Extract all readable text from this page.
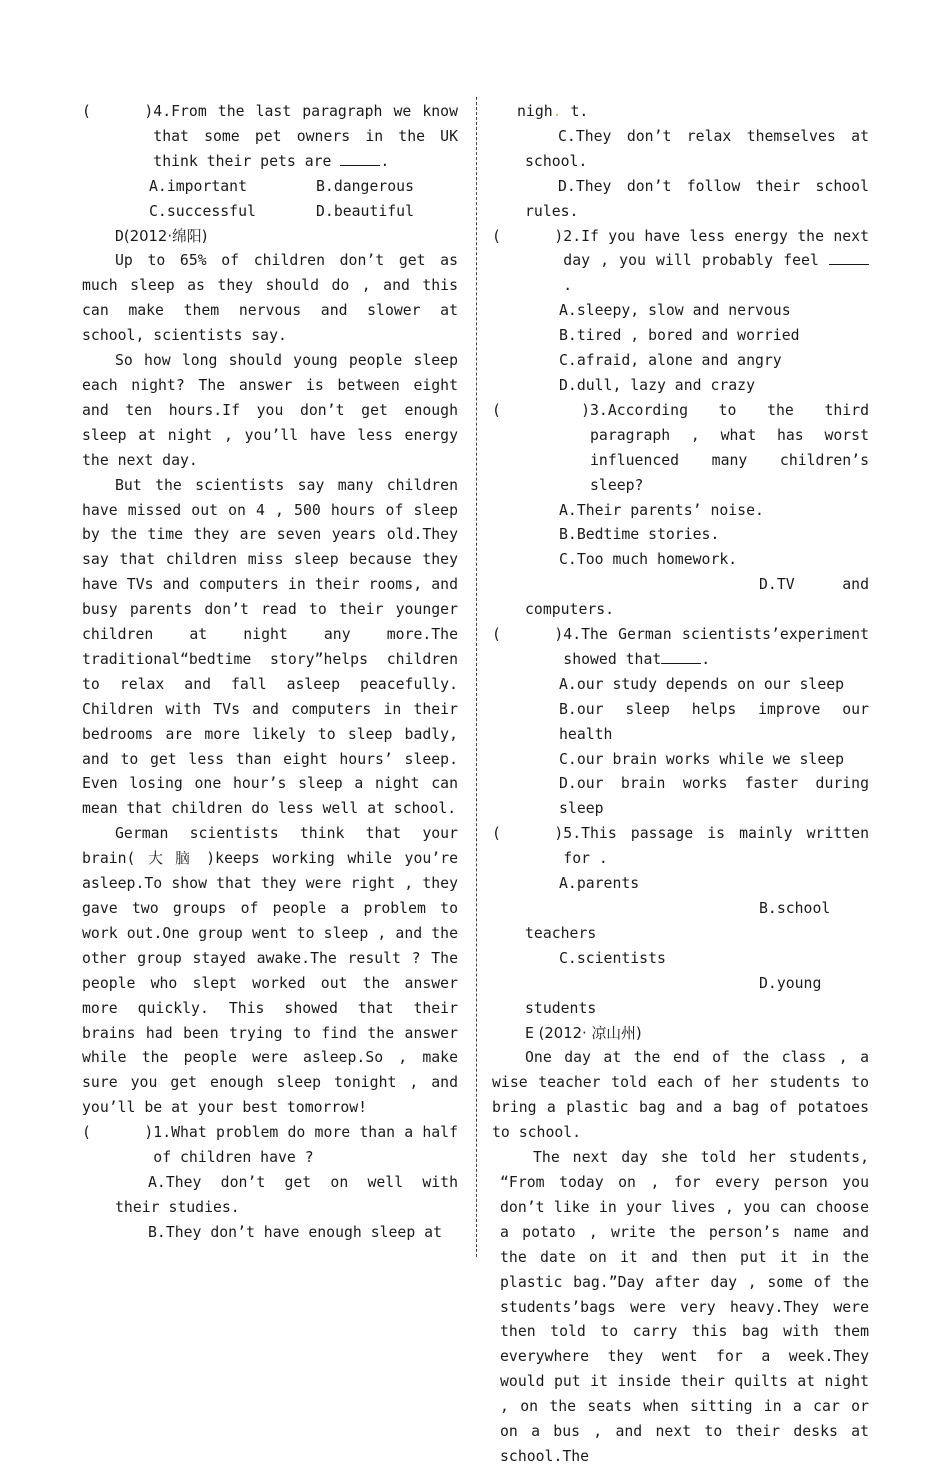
(      ) 4.From the last paragraph we know that some pet owners in the UK think their pets are	.
A.important	B.dangerous
C.successful	D.beautiful

D(2012·绵阳)

Up to 65% of children don’t get as much sleep as they should do , and this can make them nervous and slower at school, scientists say.

So how long should young people sleep each night? The answer is between eight and ten hours.If you don’t get enough sleep at night , you’ll have less energy the next day.

But the scientists say many children have missed out on 4 , 500 hours of sleep by the time they are seven years old.They say that children miss sleep because they have TVs and computers in their rooms, and busy parents don’t read to their younger children at night any more.The traditional“bedtime story”helps children to relax and fall asleep peacefully. Children with TVs and computers in their bedrooms are more likely to sleep badly, and to get less than eight hours’ sleep. Even losing one hour’s sleep a night can mean that children do less well at school.

German scientists think that your brain( 大 脑 )keeps working while you’re asleep.To show that they were right , they gave two groups of people a problem to work out.One group went to sleep , and the other group stayed awake.The result ? The people who slept worked out the answer more quickly. This showed that their brains had been trying to find the answer while the people were asleep.So , make sure you get enough sleep tonight , and you’ll be at your best tomorrow!

(      ) 1.What problem do more than a half of children have ?

A.They don’t get on well with their studies.

B.They don’t have enough sleep at

nigh. t.

C.They don’t relax themselves at school.

D.They don’t follow their school rules.

(      ) 2.If you have less energy the next day , you will probably feel .

A.sleepy, slow and nervous

B.tired , bored and worried

C.afraid, alone and angry

D.dull, lazy and crazy

(         ) 3.According to the third paragraph , what has worst influenced many children’s sleep?

A.Their parents’ noise.

B.Bedtime stories.

C.Too much homework.

D.TV and computers.

(      ) 4.The German scientists’experiment showed that	.

A.our study depends on our sleep

B.our sleep helps improve our health

C.our brain works while we sleep

D.our brain works faster during sleep

(      ) 5.This passage is mainly written for .
A.parents

B.school teachers

C.scientists

D.young students

E (2012· 凉山州)

One day at the end of the class , a wise teacher told each of her students to bring a plastic bag and a bag of potatoes to school.

The next day she told her students, “From today on , for every person you don’t like in your lives , you can choose a potato , write the person’s name and the date on it and then put it in the plastic bag.”Day after day , some of the students’bags were very heavy.They were then told to carry this bag with them everywhere they went for a week.They would put it inside their quilts at night , on the seats when sitting in a car or on a bus , and next to their desks at school.The
